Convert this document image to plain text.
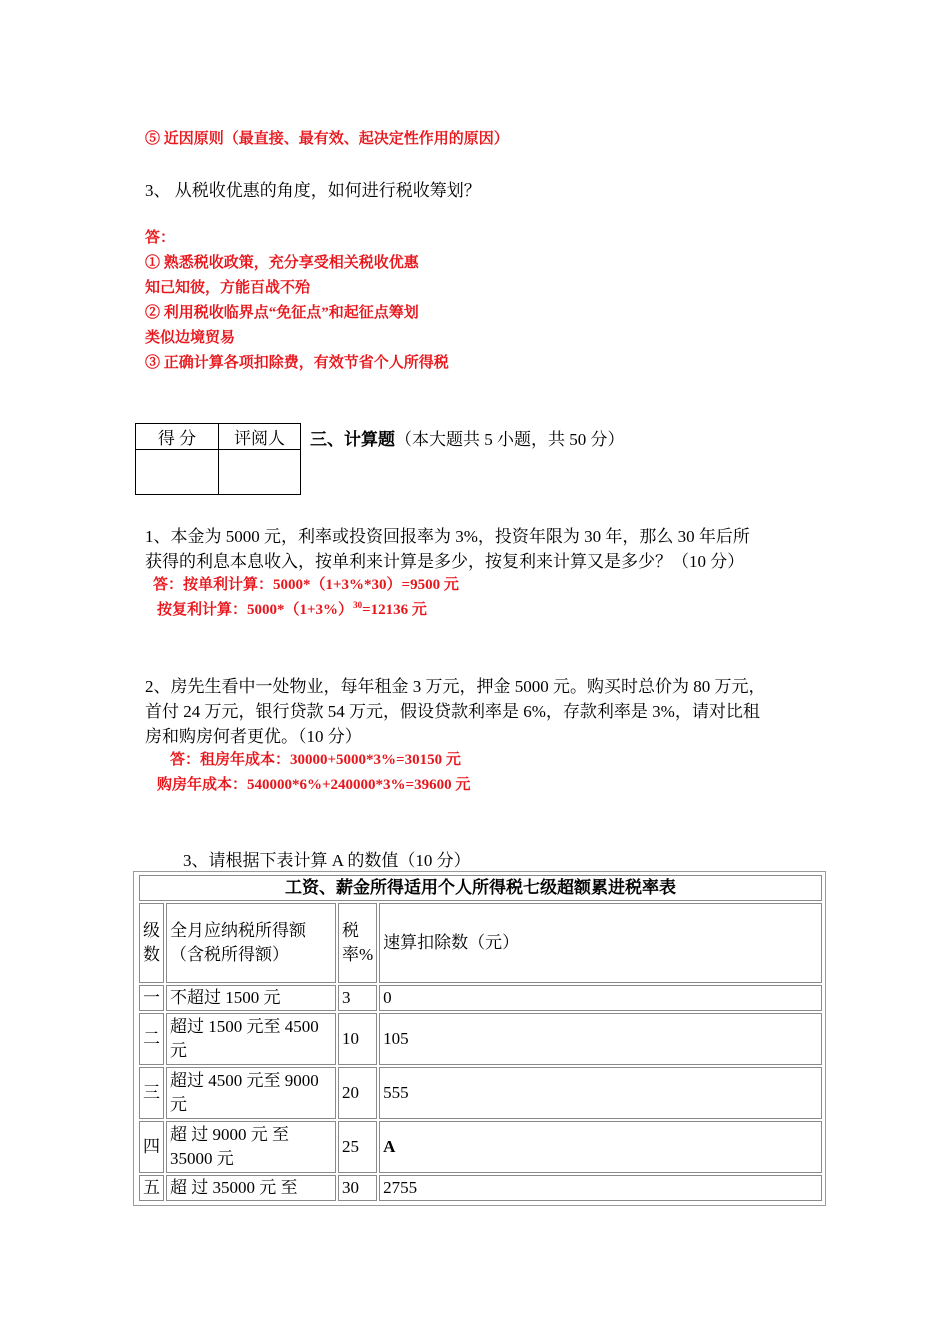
⑤ 近因原则（最直接、最有效、起决定性作用的原因）
3、 从税收优惠的角度，如何进行税收筹划？
答：
① 熟悉税收政策，充分享受相关税收优惠
知己知彼，方能百战不殆
② 利用税收临界点“免征点”和起征点筹划
类似边境贸易
③ 正确计算各项扣除费，有效节省个人所得税
得 分	评阅人
	三、计算题（本大题共 5 小题，共 50 分）
1、本金为 5000 元，利率或投资回报率为 3%，投资年限为 30 年，那么 30 年后所
获得的利息本息收入，按单利来计算是多少，按复利来计算又是多少？（10 分）
答：按单利计算：5000*（1+3%*30）=9500 元
按复利计算：$5000*(1+3\%)^{30}=12136$ 元
2、房先生看中一处物业，每年租金 3 万元，押金 5000 元。购买时总价为 80 万元，
首付 24 万元，银行贷款 54 万元，假设贷款利率是 6%，存款利率是 3%，请对比租
房和购房何者更优。（10 分）
答：租房年成本：30000+5000*3%=30150 元
购房年成本：540000*6%+240000*3%=39600 元
3、请根据下表计算 A 的数值（10 分）
工资、薪金所得适用个人所得税七级超额累进税率表			
级数	全月应纳税所得额（含税所得额）	税率%	速算扣除数（元）
一	不超过 1500 元	3	0
二	超过 1500 元至 4500 元	10	105
三	超过 4500 元至 9000 元	20	555
四	超 过 9000 元 至 35000 元	25	A
五	超 过 35000 元 至	30	2755
